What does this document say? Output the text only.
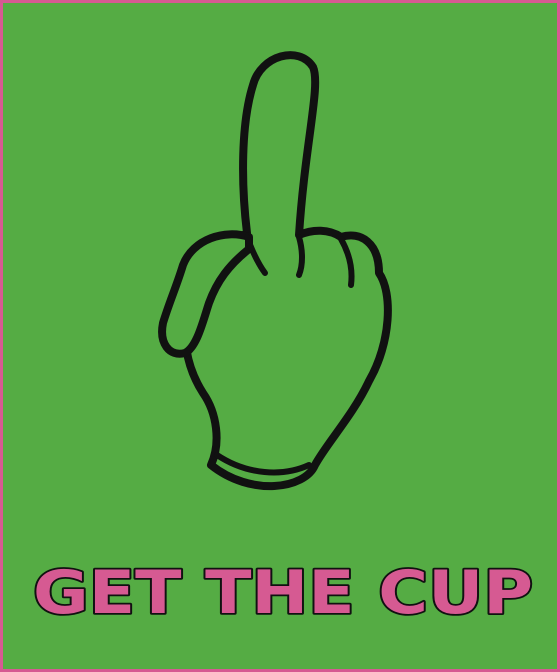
GET THE CUP
